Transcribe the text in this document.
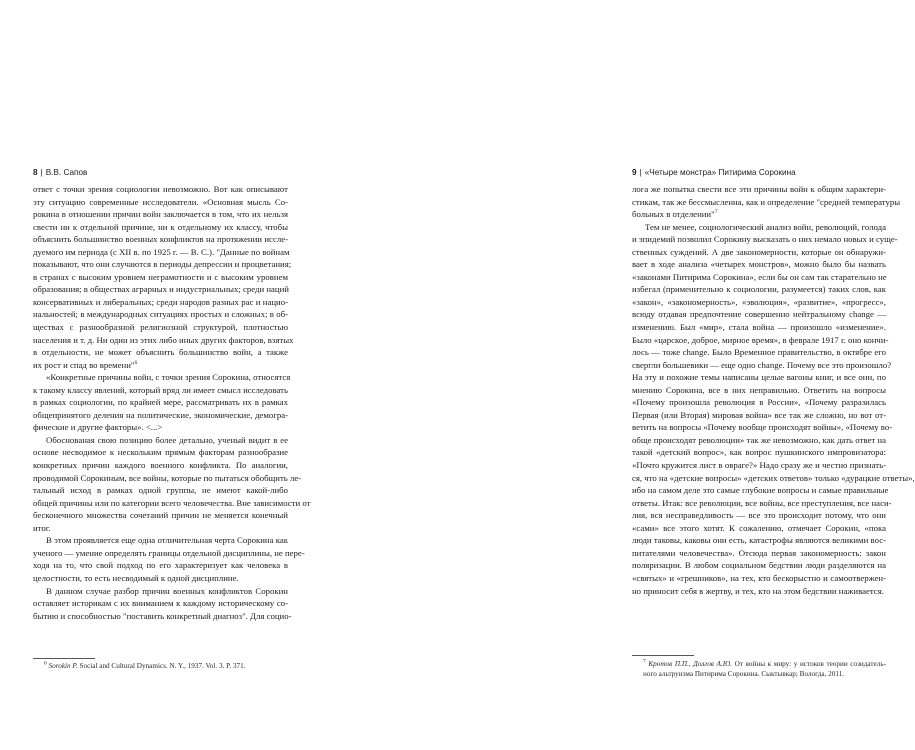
8 | В.В. Сапов
ответ с точки зрения социологии невозможно. Вот как описывают
эту ситуацию современные исследователи. «Основная мысль Со-
рокина в отношении причин войн заключается в том, что их нельзя
свести ни к отдельной причине, ни к отдельному их классу, чтобы
объяснить большинство военных конфликтов на протяжении иссле-
дуемого им периода (с XII в. по 1925 г. — В. С.). "Данные по войнам
показывают, что они случаются в периоды депрессии и процветания;
в странах с высоким уровнем неграмотности и с высоким уровнем
образования; в обществах аграрных и индустриальных; среди наций
консервативных и либеральных; среди народов разных рас и нацио-
нальностей; в международных ситуациях простых и сложных; в об-
ществах с разнообразной религиозной структурой, плотностью
населения и т. д. Ни один из этих либо иных других факторов, взятых
в отдельности, не может объяснить большинство войн, а также
их рост и спад во времени"$^6$
«Конкретные причины войн, с точки зрения Сорокина, относятся
к такому классу явлений, который вряд ли имеет смысл исследовать
в рамках социологии, по крайней мере, рассматривать их в рамках
общепринятого деления на политические, экономические, демогра-
фические и другие факторы». <...>
Обоснованая свою позицию более детально, ученый видит в ее
основе несводимое к нескольким прямым факторам разнообразие
конкретных причин каждого военного конфликта. По аналогии,
проводимой Сорокиным, все войны, которые по пытаться обобщить ле-
тальный исход в рамках одной группы, не имеют какой-либо
общей причины или по категории всего человечества. Вне зависимости от
бесконечного множества сочетаний причин не меняется конечный
итог.
В этом проявляется еще одна отличительная черта Сорокина как
ученого — умение определять границы отдельной дисциплины, не пере-
ходя на то, что свой подход по его характеризует как человека в
целостности, то есть несводимый к одной дисциплине.
В данном случае разбор причин военных конфликтов Сорокин
оставляет историкам с их вниманием к каждому историческому со-
бытию и способностью "поставить конкретный диагноз". Для социо-
$^6$ Sorokin P. Social and Cultural Dynamics. N. Y., 1937. Vol. 3. P. 371.
9 | «Четыре монстра» Питирима Сорокина
лога же попытка свести все эти причины войн к общим характери-
стикам, так же бессмысленна, как и определение "средней температуры
больных в отделении"$^7$
Тем не менее, социологический анализ войн, революций, голода
и эпидемий позволил Сорокину высказать о них немало новых и суще-
ственных суждений. А две закономерности, которые он обнаружи-
вает в ходе анализа «четырех монстров», можно было бы назвать
«законами Питирима Сорокина», если бы он сам так старательно не
избегал (применительно к социологии, разумеется) таких слов, как
«закон», «закономерность», «эволюция», «развитие», «прогресс»,
всюду отдавая предпочтение совершенно нейтральному change —
изменению. Был «мир», стала война — произошло «изменение».
Было «царское, доброе, мирное время», в феврале 1917 г. оно кончи-
лось — тоже change. Было Временное правительство, в октябре его
свергли большевики — еще одно change. Почему все это произошло?
На эту и похожие темы написаны целые вагоны книг, и все они, по
мнению Сорокина, все в них неправильно. Ответить на вопросы
«Почему произошла революция в России», «Почему разразилась
Первая (или Вторая) мировая война» все так же сложно, но вот от-
ветить на вопросы «Почему вообще происходят войны», «Почему во-
обще происходят революции» так же невозможно, как дать ответ на
такой «детский вопрос», как вопрос пушкинского импровизатора:
«Почто кружится лист в овраге?» Надо сразу же и честно признать-
ся, что на «детские вопросы» «детских ответов» только «дурацкие ответы»,
ибо на самом деле это самые глубокие вопросы и самые правильные
ответы. Итак: все революции, все войны, все преступления, все наси-
лия, вся несправедливость — все это происходит потому, что они
«сами» все этого хотят. К сожалению, отмечает Сорокин, «пока
люди таковы, каковы они есть, катастрофы являются великими вос-
питателями человечества». Отсюда первая закономерность: закон
поляризации. В любом социальном бедствии люди разделяются на
«святых» и «грешников», на тех, кто бескорыстно и самоотвержен-
но приносит себя в жертву, и тех, кто на этом бедствии наживается.
$^7$ Кротов П.П., Долгов А.Ю. От войны к миру: у истоков теории созидатель-
ного альтруизма Питирима Сорокина. Сыктывкар; Вологда, 2011.
